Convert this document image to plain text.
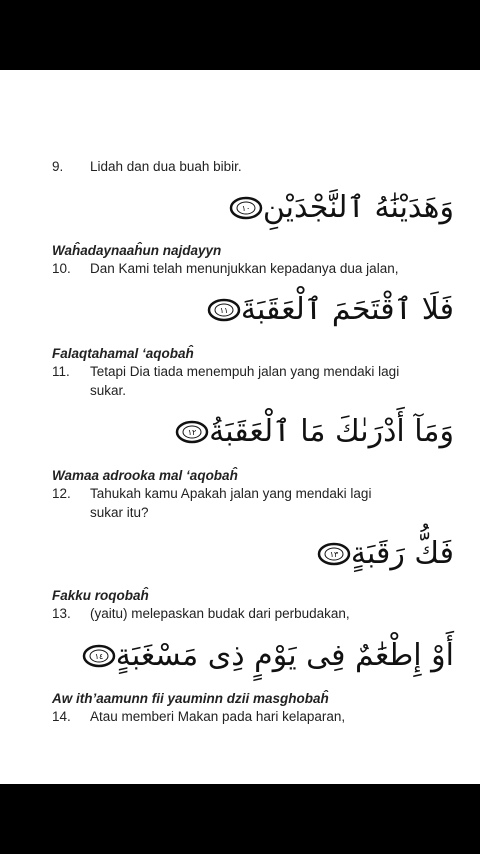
9. Lidah dan dua buah bibir.
وَهَدَيْنَٰهُ ٱلنَّجْدَيْنِ
١٠
Waĥadaynaaĥun najdayyn
10. Dan Kami telah menunjukkan kepadanya dua jalan,
فَلَا ٱقْتَحَمَ ٱلْعَقَبَةَ
١١
Falaqtahamal ‘aqobaĥ
11. Tetapi Dia tiada menempuh jalan yang mendaki lagi
sukar.
وَمَآ أَدْرَىٰكَ مَا ٱلْعَقَبَةُ
١٢
Wamaa adrooka mal ‘aqobaĥ
12. Tahukah kamu Apakah jalan yang mendaki lagi
sukar itu?
فَكُّ رَقَبَةٍ
١٣
Fakku roqobaĥ
13. (yaitu) melepaskan budak dari perbudakan,
أَوْ إِطْعَٰمٌ فِى يَوْمٍ ذِى مَسْغَبَةٍ
١٤
Aw ith’aamunn fii yauminn dzii masghobaĥ
14. Atau memberi Makan pada hari kelaparan,
